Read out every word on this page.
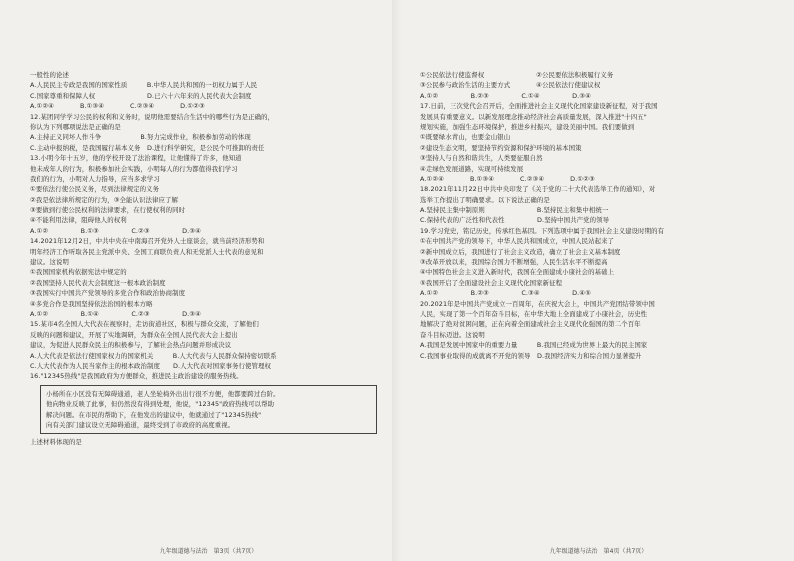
一般性的论述
A.人民民主专政是我国的国家性质　　　B.中华人民共和国的一切权力属于人民
C.国家尊重和保障人权　　　　　　　　D.已六十六年来的人民代表大会制度
A.①②④　　　　B.①③④　　　　C.②③④　　　　D.①②③
12.某团同学学习公民的权利和义务时，说明他需要结合生活中的哪些行为是正确的，
你认为下列哪项说法是正确的是
A.主持正义同坏人作斗争　　　　　　B.努力完成作业，积极参加劳动的体现
C.主动申报纳税，是我国履行基本义务　D.进行科学研究，是公民个可推卸的责任
13.小明今年十五岁，他的学校开设了法治课程，让他懂得了许多，他知道
他未成年人的行为，积极参加社会实践，小明每人的行为都值得我们学习
我们的行为，小明对人力指导，应当多求学习
①要依法行使公民义务，尽到法律规定的义务
②我是依法律所规定的行为，③全能认识法律应了解
③要做到行使公民权利的法律要求，在行使权利的同时
④不能利用法律，阻碍他人的权利
A.①②　　　　　B.①③　　　　　C.②③　　　　　D.③④
14.2021年12月2日，中共中央在中南海召开党外人士座谈会，就当前经济形势和
明年经济工作听取各民主党派中央、全国工商联负责人和无党派人士代表的意见和
建议。这说明
①我国国家机构依据宪法中规定的
②我国坚持人民代表大会制度这一根本政治制度
③我国实行中国共产党领导的多党合作和政治协商制度
④多党合作是我国坚持依法治国的根本方略
A.①②　　　　　B.①④　　　　　C.②③　　　　　D.③④
15.某市4名全国人大代表在视察时，走访街道社区，积极与群众交流，了解他们
反映的问题和建议，开展了实地调研，为群众在全国人民代表大会上提出
建议，为促进人民群众民主的积极参与，了解社会热点问题并形成决议
A.人大代表是依法行使国家权力的国家机关　　　B.人大代表与人民群众保持密切联系
C.人大代表作为人民当家作主的根本政治制度　　D.人大代表对国家事务行使管理权
16."12345热线"是我国政府为方便群众，推进民主政治建设的服务热线。
小杨所在小区没有无障碍通道，老人坐轮椅外出出行很不方便，他都要跨过台阶。
他向物业反映了此事，但仍然没有得到处理，他说，"12345"政府热线可以帮助
解决问题。在市民的帮助下，在他发出的建议中，他就通过了"12345热线"
向有关部门建议设立无障碍通道，最终受到了市政府的高度重视。
上述材料体现的是
九年级道德与法治　第3页（共7页）
①公民依法行使监督权　　　　　　　　②公民要依法积极履行义务
③公民参与政治生活的主要方式　　　　④公民依法行使建议权
A.①②　　　　　B.②③　　　　　C.①④　　　　　D.③④
17.日前，三次党代会召开后，全面推进社会主义现代化国家建设新征程，对于我国
发展具有重要意义。以新发展理念推动经济社会高质量发展，深入推进"十四五"
规划实施，加强生态环境保护，推进乡村振兴，建设美丽中国。我们要做到
①既要绿水青山，也要金山银山
②建设生态文明，要坚持节约资源和保护环境的基本国策
③坚持人与自然和谐共生，人类要征服自然
④走绿色发展道路，实现可持续发展
A.①②④　　　　B.①③④　　　　C.②③④　　　　D.①②③
18.2021年11月22日中共中央印发了《关于党的二十大代表选举工作的通知》，对
选举工作提出了明确要求。以下说法正确的是
A.坚持民主集中制原则　　　　　　　　B.坚持民主和集中相统一
C.保持代表的广泛性和代表性　　　　　D.坚持中国共产党的领导
19.学习党史，铭记历史，传承红色基因。下列选项中属于我国社会主义建设时期的有
①在中国共产党的领导下，中华人民共和国成立，中国人民站起来了
②新中国成立后，我国进行了社会主义改造，确立了社会主义基本制度
③改革开放以来，我国综合国力不断增强，人民生活水平不断提高
④中国特色社会主义进入新时代，我国在全面建成小康社会的基础上
⑤我国开启了全面建设社会主义现代化国家新征程
A.①②　　　　　B.②③　　　　　C.③④　　　　　D.④⑤
20.2021年是中国共产党成立一百周年，在庆祝大会上，中国共产党团结带领中国
人民，实现了第一个百年奋斗目标，在中华大地上全面建成了小康社会，历史性
地解决了绝对贫困问题，正在向着全面建成社会主义现代化强国的第二个百年
奋斗目标迈进。这说明
A.我国是发展中国家中的重要力量　　　B.我国已经成为世界上最大的民主国家
C.我国事业取得的成就离不开党的领导　D.我国经济实力和综合国力显著提升
九年级道德与法治　第4页（共7页）
